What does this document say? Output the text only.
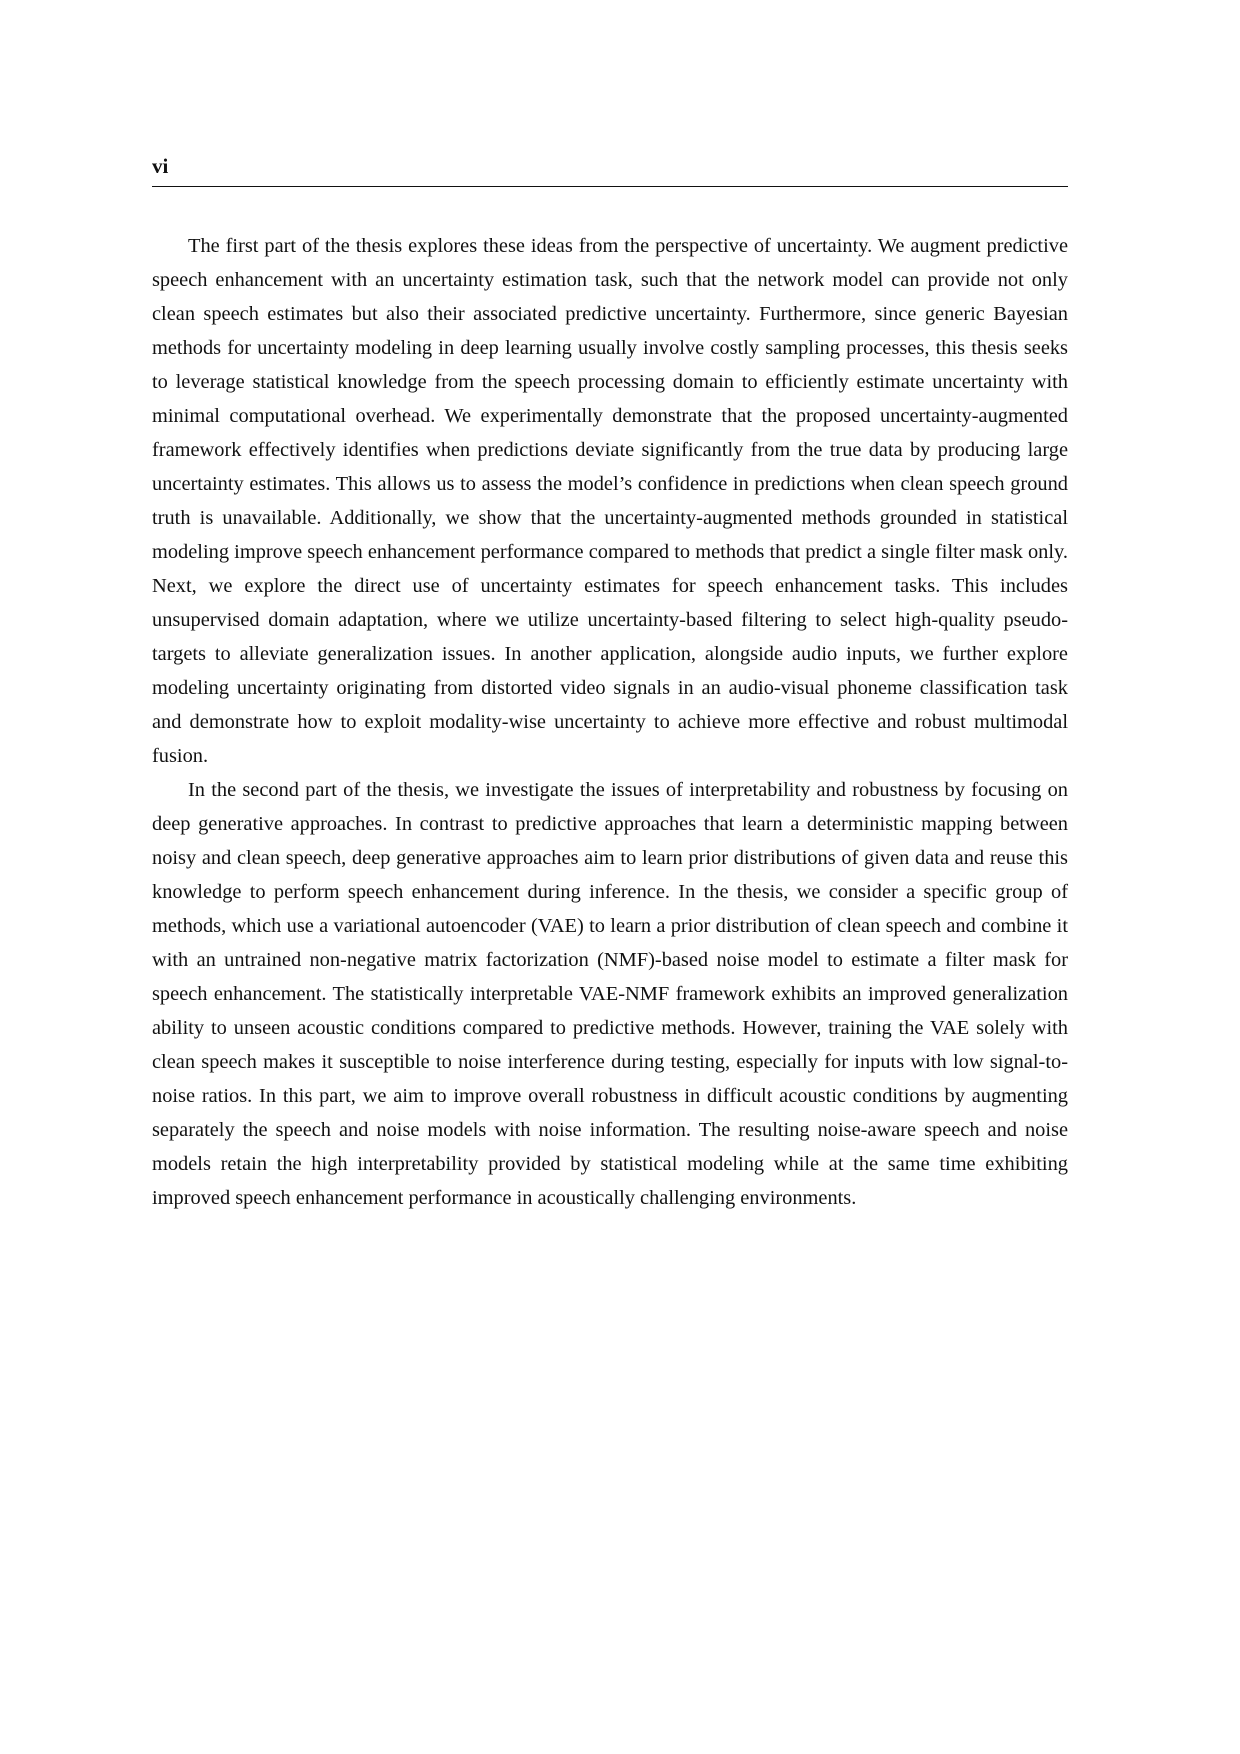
vi

The first part of the thesis explores these ideas from the perspective of uncertainty. We augment predictive speech enhancement with an uncertainty estimation task, such that the network model can provide not only clean speech estimates but also their associated predictive uncertainty. Furthermore, since generic Bayesian methods for uncertainty modeling in deep learning usually involve costly sampling processes, this thesis seeks to leverage statistical knowledge from the speech processing domain to efficiently estimate uncertainty with minimal computational overhead. We experimentally demonstrate that the proposed uncertainty-augmented framework effectively identifies when predictions deviate significantly from the true data by producing large uncertainty estimates. This allows us to assess the model’s confidence in predictions when clean speech ground truth is unavailable. Additionally, we show that the uncertainty-augmented methods grounded in statistical modeling improve speech enhancement performance compared to methods that predict a single filter mask only. Next, we explore the direct use of uncertainty estimates for speech enhancement tasks. This includes unsupervised domain adaptation, where we utilize uncertainty-based filtering to select high-quality pseudo-targets to alleviate generalization issues. In another application, alongside audio inputs, we further explore modeling uncertainty originating from distorted video signals in an audio-visual phoneme classification task and demonstrate how to exploit modality-wise uncertainty to achieve more effective and robust multimodal fusion.

In the second part of the thesis, we investigate the issues of interpretability and robustness by focusing on deep generative approaches. In contrast to predictive approaches that learn a deterministic mapping between noisy and clean speech, deep generative approaches aim to learn prior distributions of given data and reuse this knowledge to perform speech enhancement during inference. In the thesis, we consider a specific group of methods, which use a variational autoencoder (VAE) to learn a prior distribution of clean speech and combine it with an untrained non-negative matrix factorization (NMF)-based noise model to estimate a filter mask for speech enhancement. The statistically interpretable VAE-NMF framework exhibits an improved generalization ability to unseen acoustic conditions compared to predictive methods. However, training the VAE solely with clean speech makes it susceptible to noise interference during testing, especially for inputs with low signal-to-noise ratios. In this part, we aim to improve overall robustness in difficult acoustic conditions by augmenting separately the speech and noise models with noise information. The resulting noise-aware speech and noise models retain the high interpretability provided by statistical modeling while at the same time exhibiting improved speech enhancement performance in acoustically challenging environments.
